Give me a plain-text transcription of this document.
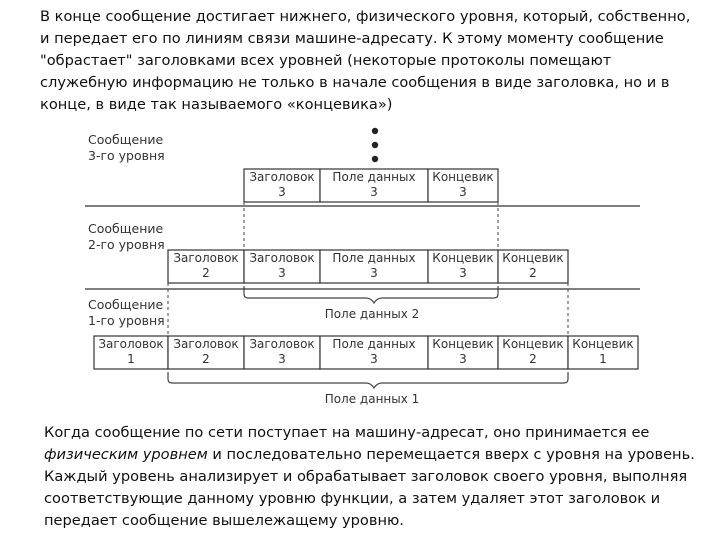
В конце сообщение достигает нижнего, физического уровня, который, собственно, и передает его по линиям связи машине-адресату. К этому моменту сообщение "обрастает" заголовками всех уровней (некоторые протоколы помещают служебную информацию не только в начале сообщения в виде заголовка, но и в конце, в виде так называемого «концевика»)

Сообщение
3-го уровня
Сообщение
2-го уровня
Сообщение
1-го уровня
Заголовок
3
Поле данных
3
Концевик
3
Заголовок
2
Заголовок
3
Поле данных
3
Концевик
3
Концевик
2
Поле данных 2
Заголовок
1
Заголовок
2
Заголовок
3
Поле данных
3
Концевик
3
Концевик
2
Концевик
1
Поле данных 1

Когда сообщение по сети поступает на машину-адресат, оно принимается ее физическим уровнем и последовательно перемещается вверх с уровня на уровень. Каждый уровень анализирует и обрабатывает заголовок своего уровня, выполняя соответствующие данному уровню функции, а затем удаляет этот заголовок и передает сообщение вышележащему уровню.
